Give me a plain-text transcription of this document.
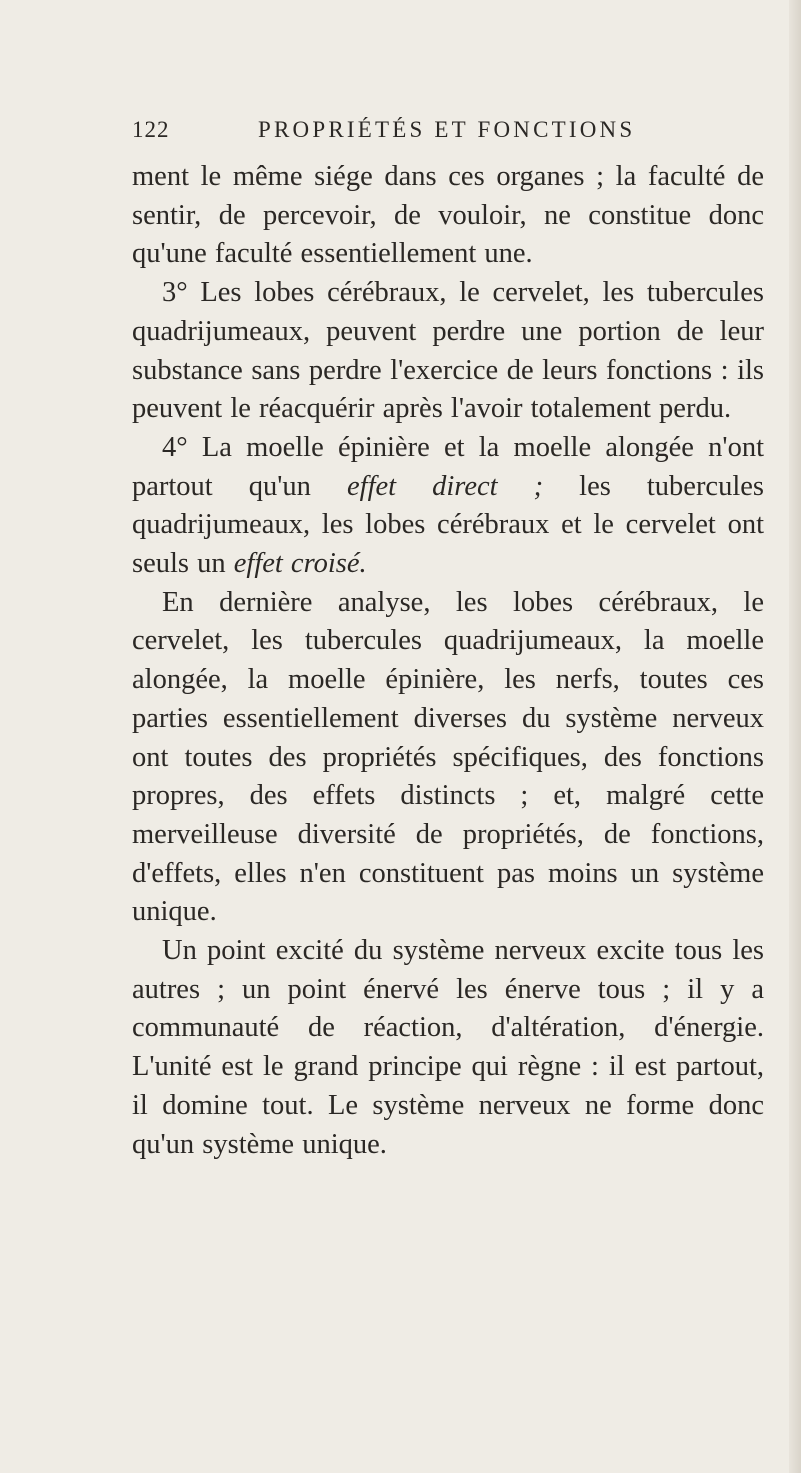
122	PROPRIÉTÉS ET FONCTIONS

ment le même siége dans ces organes ; la faculté de sentir, de percevoir, de vouloir, ne constitue donc qu'une faculté essentiellement une.

3° Les lobes cérébraux, le cervelet, les tubercules quadrijumeaux, peuvent perdre une portion de leur substance sans perdre l'exercice de leurs fonctions : ils peuvent le réacquérir après l'avoir totalement perdu.

4° La moelle épinière et la moelle alongée n'ont partout qu'un effet direct ; les tubercules quadrijumeaux, les lobes cérébraux et le cervelet ont seuls un effet croisé.

En dernière analyse, les lobes cérébraux, le cervelet, les tubercules quadrijumeaux, la moelle alongée, la moelle épinière, les nerfs, toutes ces parties essentiellement diverses du système nerveux ont toutes des propriétés spécifiques, des fonctions propres, des effets distincts ; et, malgré cette merveilleuse diversité de propriétés, de fonctions, d'effets, elles n'en constituent pas moins un système unique.

Un point excité du système nerveux excite tous les autres ; un point énervé les énerve tous ; il y a communauté de réaction, d'altération, d'énergie. L'unité est le grand principe qui règne : il est partout, il domine tout. Le système nerveux ne forme donc qu'un système unique.
